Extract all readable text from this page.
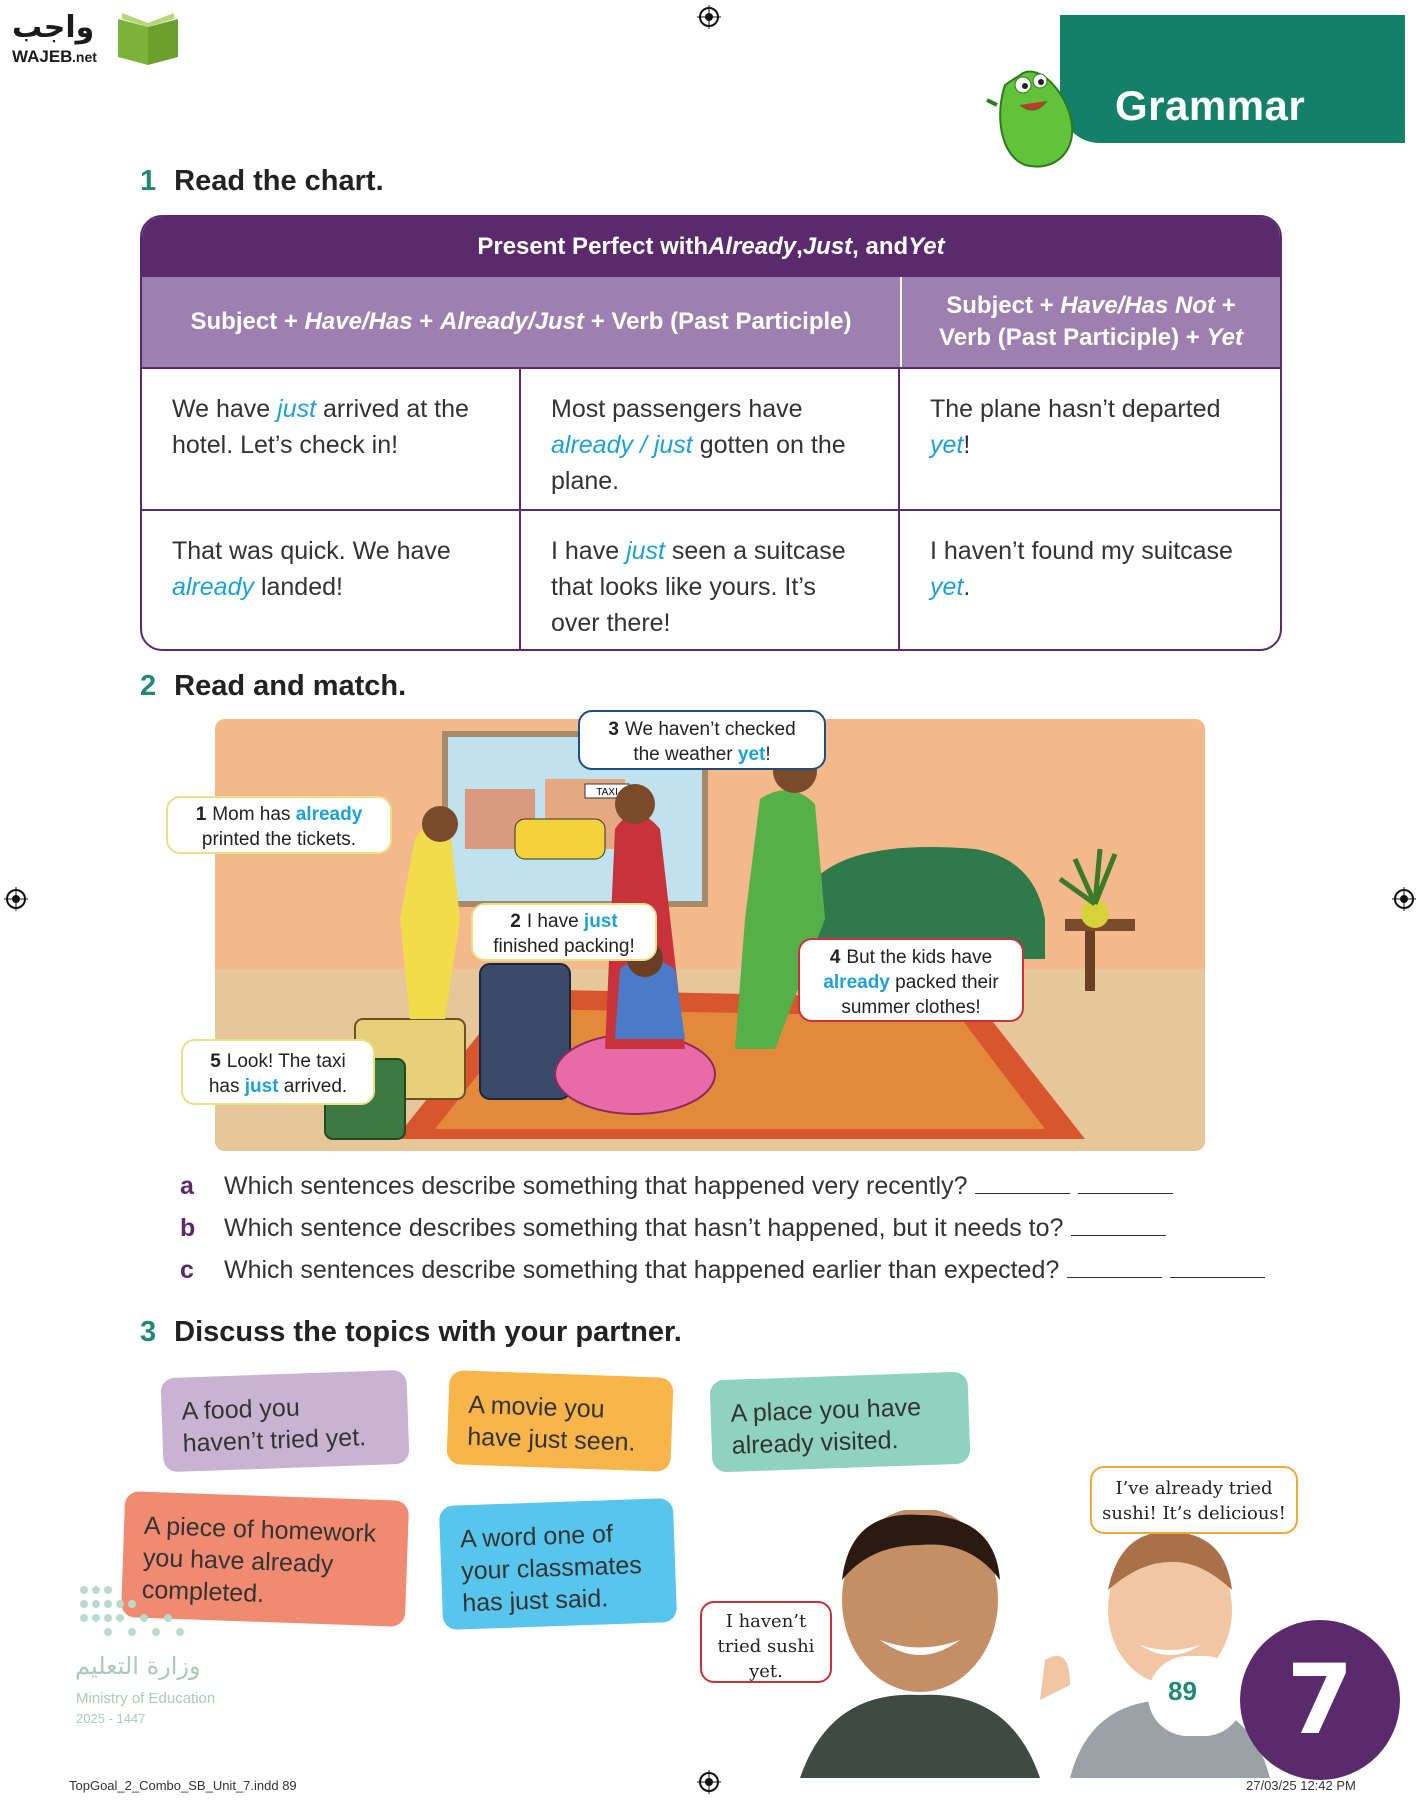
واجب
WAJEB .net
Grammar
1 Read the chart.
Present Perfect with Already , Just , and Yet
Subject + Have/Has + Already/Just + Verb (Past Participle)
Subject + Have/Has Not +
Verb (Past Participle) + Yet
We have just arrived at the hotel. Let’s check in!
Most passengers have already / just gotten on the plane.
The plane hasn’t departed yet!
That was quick. We have already landed!
I have just seen a suitcase that looks like yours. It’s over there!
I haven’t found my suitcase yet.
2 Read and match.
TAXI
1 Mom has already
printed the tickets.
2 I have just
finished packing!
3 We haven’t checked
the weather yet!
4 But the kids have
already packed their
summer clothes!
5 Look! The taxi
has just arrived.
a Which sentences describe something that happened very recently?
b Which sentence describes something that hasn’t happened, but it needs to?
c Which sentences describe something that happened earlier than expected?
3 Discuss the topics with your partner.
A food you
haven’t tried yet.
A movie you
have just seen.
A place you have
already visited.
A piece of homework
you have already
completed.
A word one of
your classmates
has just said.
I haven’t
tried sushi
yet.
I’ve already tried
sushi! It’s delicious!
89 7
وزارة التعليم
Ministry of Education
2025 - 1447
TopGoal_2_Combo_SB_Unit_7.indd 89	27/03/25 12:42 PM
